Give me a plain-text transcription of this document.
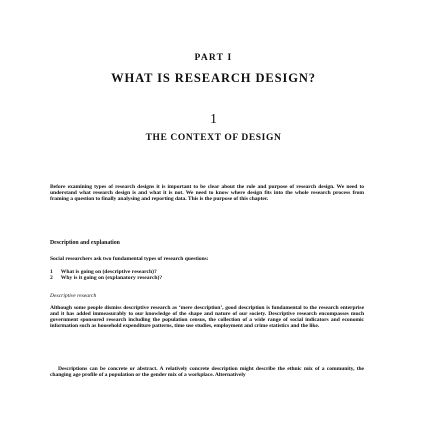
PART I
WHAT IS RESEARCH DESIGN?
1
THE CONTEXT OF DESIGN

Before examining types of research designs it is important to be clear about the role and purpose of research design. We need to understand what research design is and what it is not. We need to know where design fits into the whole research process from framing a question to finally analysing and reporting data. This is the purpose of this chapter.

Description and explanation

Social researchers ask two fundamental types of research questions:

1 What is going on (descriptive research)?
2 Why is it going on (explanatory research)?
Descriptive research

Although some people dismiss descriptive research as ‘mere description’, good description is fundamental to the research enterprise and it has added immeasurably to our knowledge of the shape and nature of our society. Descriptive research encompasses much government sponsored research including the population census, the collection of a wide range of social indicators and economic information such as household expenditure patterns, time use studies, employment and crime statistics and the like.

Descriptions can be concrete or abstract. A relatively concrete description might describe the ethnic mix of a community, the changing age profile of a population or the gender mix of a workplace. Alternatively
